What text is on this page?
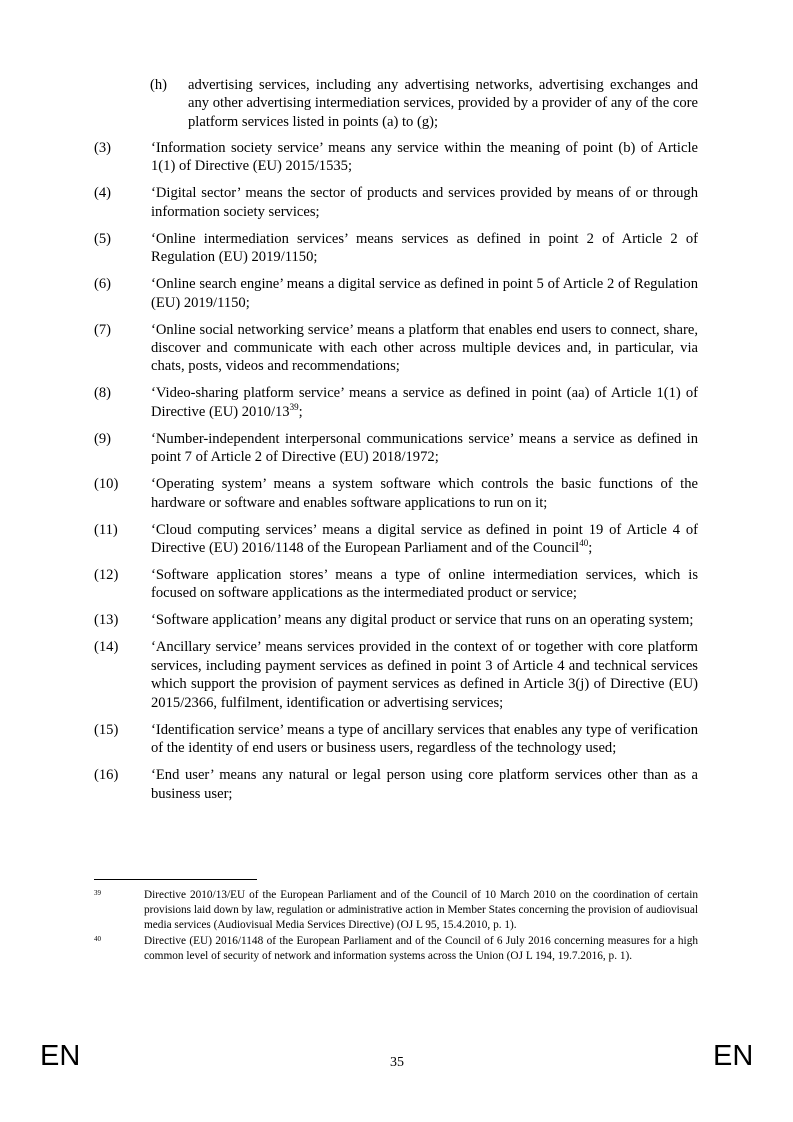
(h) advertising services, including any advertising networks, advertising exchanges and any other advertising intermediation services, provided by a provider of any of the core platform services listed in points (a) to (g);
(3)	‘Information society service’ means any service within the meaning of point (b) of Article 1(1) of Directive (EU) 2015/1535;
(4)	‘Digital sector’ means the sector of products and services provided by means of or through information society services;
(5)	‘Online intermediation services’ means services as defined in point 2 of Article 2 of Regulation (EU) 2019/1150;
(6)	‘Online search engine’ means a digital service as defined in point 5 of Article 2 of Regulation (EU) 2019/1150;
(7)	‘Online social networking service’ means a platform that enables end users to connect, share, discover and communicate with each other across multiple devices and, in particular, via chats, posts, videos and recommendations;
(8)	‘Video-sharing platform service’ means a service as defined in point (aa) of Article 1(1) of Directive (EU) $2010/13^{39}$;
(9)	‘Number-independent interpersonal communications service’ means a service as defined in point 7 of Article 2 of Directive (EU) 2018/1972;
(10) ‘Operating system’ means a system software which controls the basic functions of the hardware or software and enables software applications to run on it;
(11) ‘Cloud computing services’ means a digital service as defined in point 19 of Article 4 of Directive (EU) 2016/1148 of the European Parliament and of the Council$^{40}$;
(12) ‘Software application stores’ means a type of online intermediation services, which is focused on software applications as the intermediated product or service;
(13) ‘Software application’ means any digital product or service that runs on an operating system;
(14) ‘Ancillary service’ means services provided in the context of or together with core platform services, including payment services as defined in point 3 of Article 4 and technical services which support the provision of payment services as defined in Article 3(j) of Directive (EU) 2015/2366, fulfilment, identification or advertising services;
(15) ‘Identification service’ means a type of ancillary services that enables any type of verification of the identity of end users or business users, regardless of the technology used;
(16) ‘End user’ means any natural or legal person using core platform services other than as a business user;
39	Directive 2010/13/EU of the European Parliament and of the Council of 10 March 2010 on the coordination of certain provisions laid down by law, regulation or administrative action in Member States concerning the provision of audiovisual media services (Audiovisual Media Services Directive) (OJ L 95, 15.4.2010, p. 1).
40	Directive (EU) 2016/1148 of the European Parliament and of the Council of 6 July 2016 concerning measures for a high common level of security of network and information systems across the Union (OJ L 194, 19.7.2016, p. 1).
EN	35	EN
